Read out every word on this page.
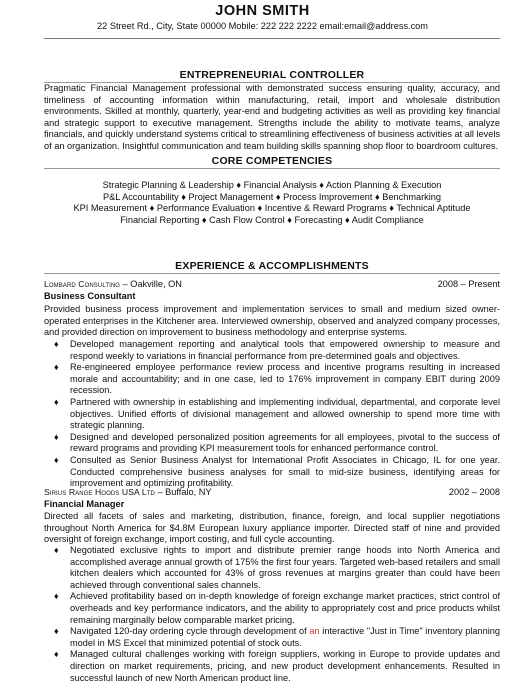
JOHN SMITH
22 Street Rd., City, State 00000 Mobile: 222 222 2222 email:email@address.com
ENTREPRENEURIAL CONTROLLER
Pragmatic Financial Management professional with demonstrated success ensuring quality, accuracy, and timeliness of accounting information within manufacturing, retail, import and wholesale distribution environments. Skilled at monthly, quarterly, year-end and budgeting activities as well as providing key financial and strategic support to executive management. Strengths include the ability to motivate teams, analyze financials, and quickly understand systems critical to streamlining effectiveness of business activities at all levels of an organization. Insightful communication and team building skills spanning shop floor to boardroom cultures.
CORE COMPETENCIES
Strategic Planning & Leadership ♦ Financial Analysis ♦ Action Planning & Execution
P&L Accountability ♦ Project Management ♦ Process Improvement ♦ Benchmarking
KPI Measurement ♦ Performance Evaluation ♦ Incentive & Reward Programs ♦ Technical Aptitude
Financial Reporting ♦ Cash Flow Control ♦ Forecasting ♦ Audit Compliance
EXPERIENCE & ACCOMPLISHMENTS
Lombard Consulting – Oakville, ON	2008 – Present
Business Consultant
Provided business process improvement and implementation services to small and medium sized owner-operated enterprises in the Kitchener area. Interviewed ownership, observed and analyzed company processes, and provided direction on improvement to business methodology and enterprise systems.
♦ Developed management reporting and analytical tools that empowered ownership to measure and respond weekly to variations in financial performance from pre-determined goals and objectives.
♦ Re-engineered employee performance review process and incentive programs resulting in increased morale and accountability; and in one case, led to 176% improvement in company EBIT during 2009 recession.
♦ Partnered with ownership in establishing and implementing individual, departmental, and corporate level objectives. Unified efforts of divisional management and allowed ownership to spend more time with strategic planning.
♦ Designed and developed personalized position agreements for all employees, pivotal to the success of reward programs and providing KPI measurement tools for enhanced performance control.
♦ Consulted as Senior Business Analyst for International Profit Associates in Chicago, IL for one year. Conducted comprehensive business analyses for small to mid-size business, identifying areas for improvement and optimizing profitability.
Sirius Range Hoods USA Ltd – Buffalo, NY	2002 – 2008
Financial Manager
Directed all facets of sales and marketing, distribution, finance, foreign, and local supplier negotiations throughout North America for $4.8M European luxury appliance importer. Directed staff of nine and provided oversight of foreign exchange, import costing, and full cycle accounting.
♦ Negotiated exclusive rights to import and distribute premier range hoods into North America and accomplished average annual growth of 175% the first four years. Targeted web-based retailers and small kitchen dealers which accounted for 43% of gross revenues at margins greater than could have been achieved through conventional sales channels.
♦ Achieved profitability based on in-depth knowledge of foreign exchange market practices, strict control of overheads and key performance indicators, and the ability to appropriately cost and price products whilst remaining marginally below comparable market pricing.
♦ Navigated 120-day ordering cycle through development of an interactive "Just in Time" inventory planning model in MS Excel that minimized potential of stock outs.
♦ Managed cultural challenges working with foreign suppliers, working in Europe to provide updates and direction on market requirements, pricing, and new product development enhancements. Resulted in successful launch of new North American product line.
